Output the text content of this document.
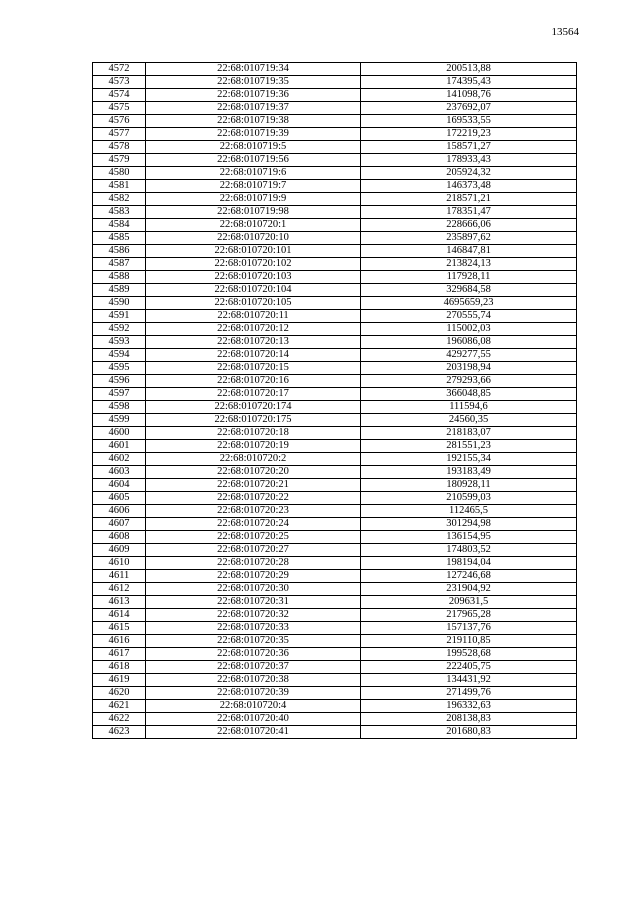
13564
4572	22:68:010719:34	200513,88
4573	22:68:010719:35	174395,43
4574	22:68:010719:36	141098,76
4575	22:68:010719:37	237692,07
4576	22:68:010719:38	169533,55
4577	22:68:010719:39	172219,23
4578	22:68:010719:5	158571,27
4579	22:68:010719:56	178933,43
4580	22:68:010719:6	205924,32
4581	22:68:010719:7	146373,48
4582	22:68:010719:9	218571,21
4583	22:68:010719:98	178351,47
4584	22:68:010720:1	228666,06
4585	22:68:010720:10	235897,62
4586	22:68:010720:101	146847,81
4587	22:68:010720:102	213824,13
4588	22:68:010720:103	117928,11
4589	22:68:010720:104	329684,58
4590	22:68:010720:105	4695659,23
4591	22:68:010720:11	270555,74
4592	22:68:010720:12	115002,03
4593	22:68:010720:13	196086,08
4594	22:68:010720:14	429277,55
4595	22:68:010720:15	203198,94
4596	22:68:010720:16	279293,66
4597	22:68:010720:17	366048,85
4598	22:68:010720:174	111594,6
4599	22:68:010720:175	24560,35
4600	22:68:010720:18	218183,07
4601	22:68:010720:19	281551,23
4602	22:68:010720:2	192155,34
4603	22:68:010720:20	193183,49
4604	22:68:010720:21	180928,11
4605	22:68:010720:22	210599,03
4606	22:68:010720:23	112465,5
4607	22:68:010720:24	301294,98
4608	22:68:010720:25	136154,95
4609	22:68:010720:27	174803,52
4610	22:68:010720:28	198194,04
4611	22:68:010720:29	127246,68
4612	22:68:010720:30	231904,92
4613	22:68:010720:31	209631,5
4614	22:68:010720:32	217965,28
4615	22:68:010720:33	157137,76
4616	22:68:010720:35	219110,85
4617	22:68:010720:36	199528,68
4618	22:68:010720:37	222405,75
4619	22:68:010720:38	134431,92
4620	22:68:010720:39	271499,76
4621	22:68:010720:4	196332,63
4622	22:68:010720:40	208138,83
4623	22:68:010720:41	201680,83
